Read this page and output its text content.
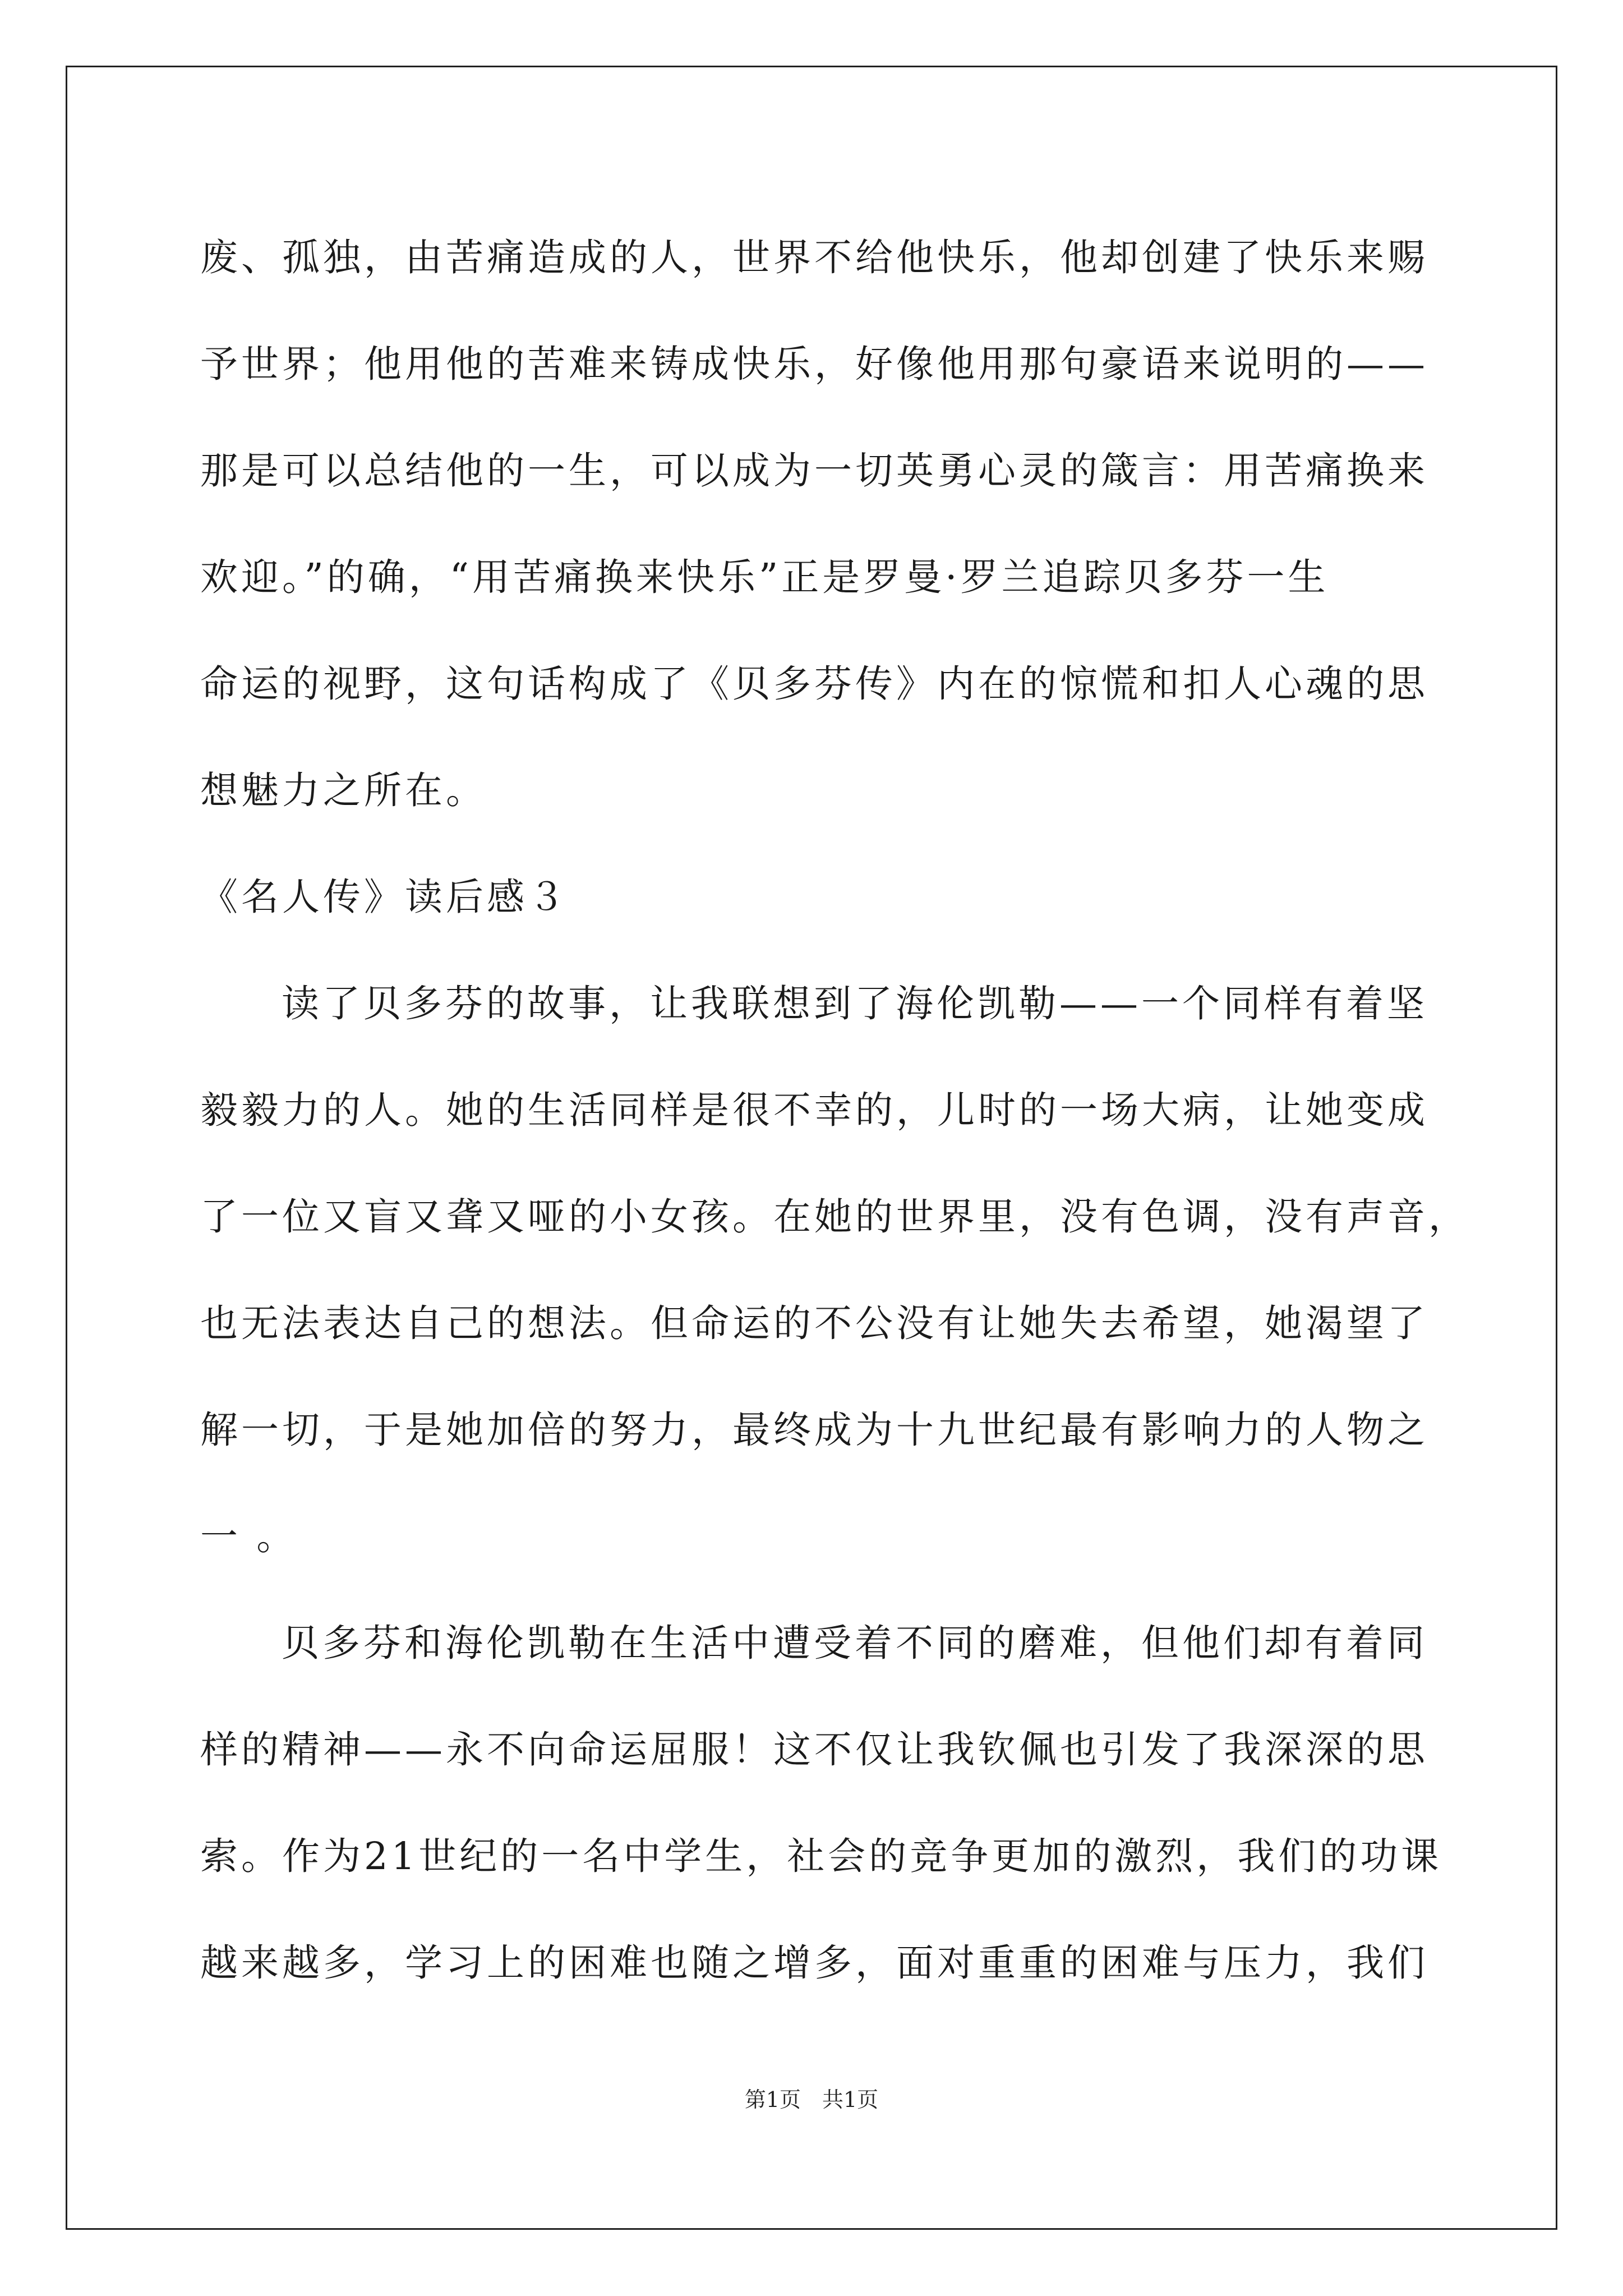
废、孤独，由苦痛造成的人，世界不给他快乐，他却创建了快乐来赐
予世界；他用他的苦难来铸成快乐，好像他用那句豪语来说明的——
那是可以总结他的一生，可以成为一切英勇心灵的箴言：用苦痛换来
欢迎。”的确，“用苦痛换来快乐”正是罗曼·罗兰追踪贝多芬一生
命运的视野，这句话构成了《贝多芬传》内在的惊慌和扣人心魂的思
想魅力之所在。
《名人传》读后感３
读了贝多芬的故事，让我联想到了海伦凯勒——一个同样有着坚
毅毅力的人。她的生活同样是很不幸的，儿时的一场大病，让她变成
了一位又盲又聋又哑的小女孩。在她的世界里，没有色调，没有声音，
也无法表达自己的想法。但命运的不公没有让她失去希望，她渴望了
解一切，于是她加倍的努力，最终成为十九世纪最有影响力的人物之
一 。
贝多芬和海伦凯勒在生活中遭受着不同的磨难，但他们却有着同
样的精神——永不向命运屈服！这不仅让我钦佩也引发了我深深的思
索。作为21世纪的一名中学生，社会的竞争更加的激烈，我们的功课
越来越多，学习上的困难也随之增多，面对重重的困难与压力，我们
第1页　共1页
